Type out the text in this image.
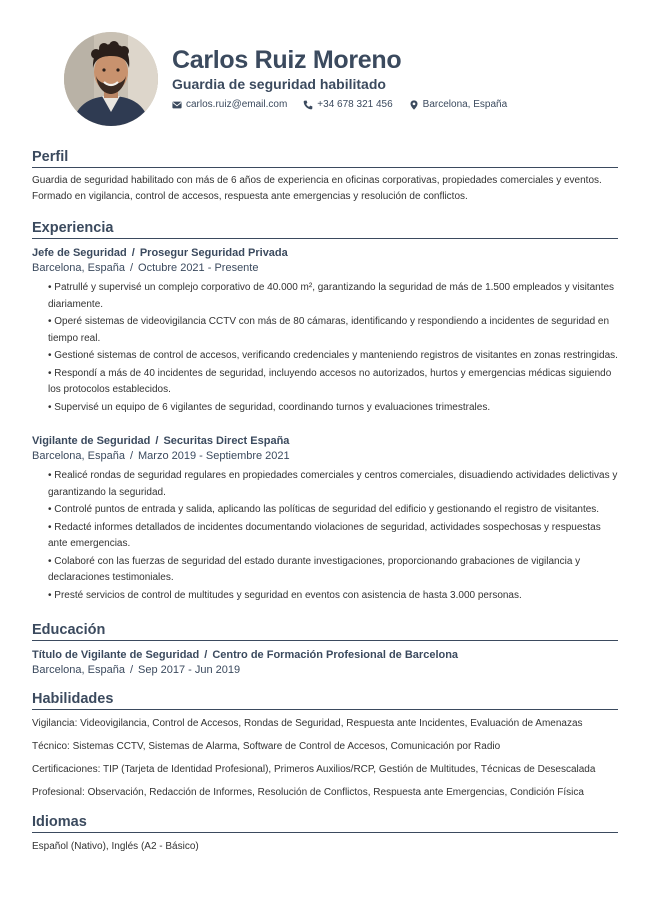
Carlos Ruiz Moreno
Guardia de seguridad habilitado
carlos.ruiz@email.com	+34 678 321 456	Barcelona, España
Perfil

Guardia de seguridad habilitado con más de 6 años de experiencia en oficinas corporativas, propiedades comerciales y eventos. Formado en vigilancia, control de accesos, respuesta ante emergencias y resolución de conflictos.

Experiencia
Jefe de Seguridad / Prosegur Seguridad Privada
Barcelona, España / Octubre 2021 - Presente
• Patrullé y supervisé un complejo corporativo de 40.000 m², garantizando la seguridad de más de 1.500 empleados y visitantes diariamente.
• Operé sistemas de videovigilancia CCTV con más de 80 cámaras, identificando y respondiendo a incidentes de seguridad en tiempo real.
• Gestioné sistemas de control de accesos, verificando credenciales y manteniendo registros de visitantes en zonas restringidas.
• Respondí a más de 40 incidentes de seguridad, incluyendo accesos no autorizados, hurtos y emergencias médicas siguiendo los protocolos establecidos.
• Supervisé un equipo de 6 vigilantes de seguridad, coordinando turnos y evaluaciones trimestrales.
Vigilante de Seguridad / Securitas Direct España
Barcelona, España / Marzo 2019 - Septiembre 2021
• Realicé rondas de seguridad regulares en propiedades comerciales y centros comerciales, disuadiendo actividades delictivas y garantizando la seguridad.
• Controlé puntos de entrada y salida, aplicando las políticas de seguridad del edificio y gestionando el registro de visitantes.
• Redacté informes detallados de incidentes documentando violaciones de seguridad, actividades sospechosas y respuestas ante emergencias.
• Colaboré con las fuerzas de seguridad del estado durante investigaciones, proporcionando grabaciones de vigilancia y declaraciones testimoniales.
• Presté servicios de control de multitudes y seguridad en eventos con asistencia de hasta 3.000 personas.
Educación
Título de Vigilante de Seguridad / Centro de Formación Profesional de Barcelona
Barcelona, España / Sep 2017 - Jun 2019
Habilidades
Vigilancia: Videovigilancia, Control de Accesos, Rondas de Seguridad, Respuesta ante Incidentes, Evaluación de Amenazas
Técnico: Sistemas CCTV, Sistemas de Alarma, Software de Control de Accesos, Comunicación por Radio
Certificaciones: TIP (Tarjeta de Identidad Profesional), Primeros Auxilios/RCP, Gestión de Multitudes, Técnicas de Desescalada
Profesional: Observación, Redacción de Informes, Resolución de Conflictos, Respuesta ante Emergencias, Condición Física
Idiomas
Español (Nativo), Inglés (A2 - Básico)
